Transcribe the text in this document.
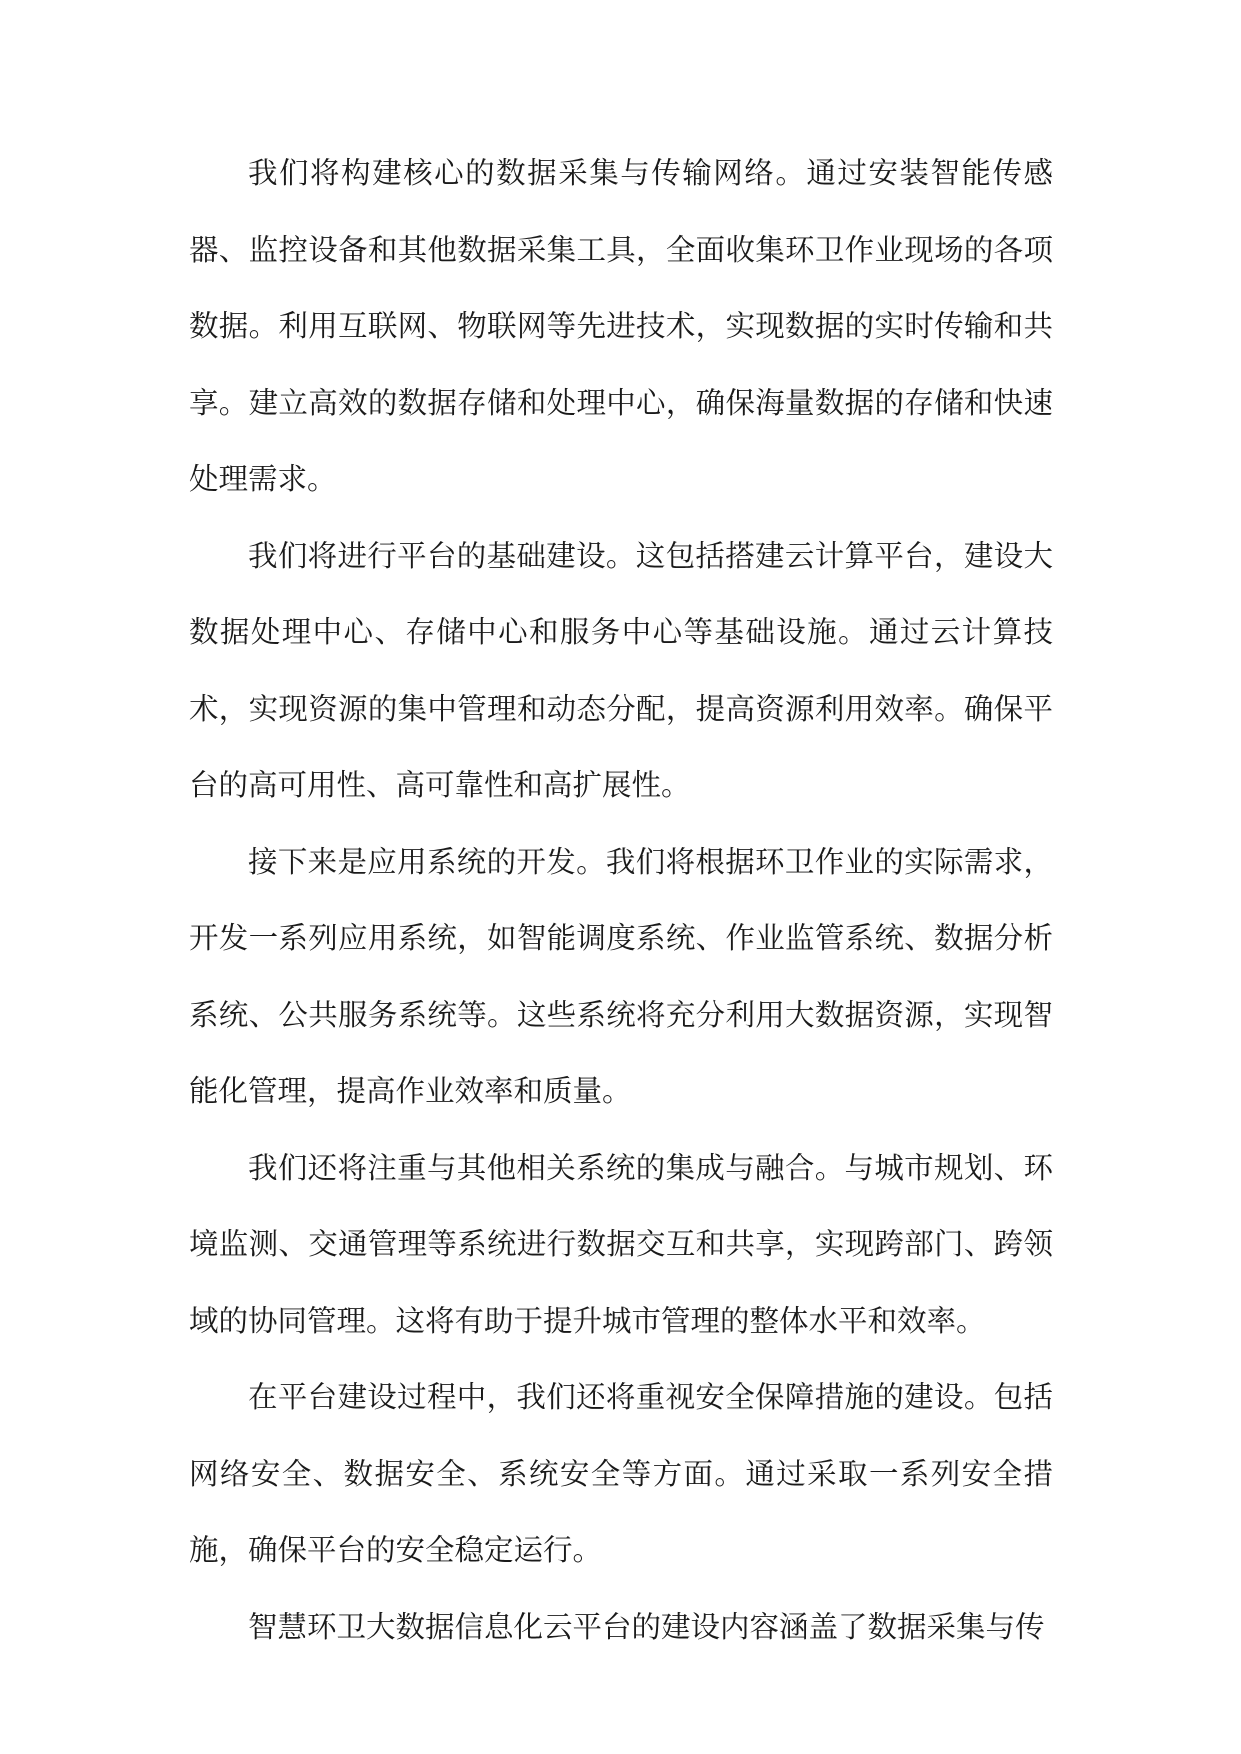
我们将构建核心的数据采集与传输网络。通过安装智能传感器、监控设备和其他数据采集工具，全面收集环卫作业现场的各项数据。利用互联网、物联网等先进技术，实现数据的实时传输和共享。建立高效的数据存储和处理中心，确保海量数据的存储和快速处理需求。

我们将进行平台的基础建设。这包括搭建云计算平台，建设大数据处理中心、存储中心和服务中心等基础设施。通过云计算技术，实现资源的集中管理和动态分配，提高资源利用效率。确保平台的高可用性、高可靠性和高扩展性。

接下来是应用系统的开发。我们将根据环卫作业的实际需求，开发一系列应用系统，如智能调度系统、作业监管系统、数据分析系统、公共服务系统等。这些系统将充分利用大数据资源，实现智能化管理，提高作业效率和质量。

我们还将注重与其他相关系统的集成与融合。与城市规划、环境监测、交通管理等系统进行数据交互和共享，实现跨部门、跨领域的协同管理。这将有助于提升城市管理的整体水平和效率。

在平台建设过程中，我们还将重视安全保障措施的建设。包括网络安全、数据安全、系统安全等方面。通过采取一系列安全措施，确保平台的安全稳定运行。

智慧环卫大数据信息化云平台的建设内容涵盖了数据采集与传
